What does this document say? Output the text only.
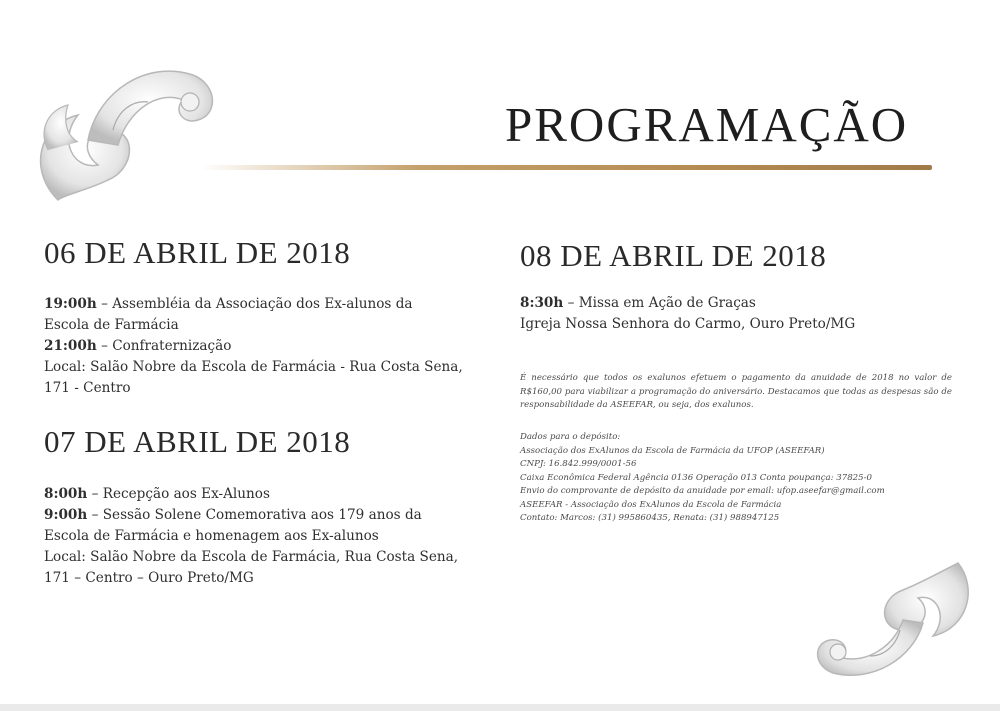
PROGRAMAÇÃO
06 DE ABRIL DE 2018
19:00h – Assembléia da Associação dos Ex-alunos da
Escola de Farmácia
21:00h – Confraternização
Local: Salão Nobre da Escola de Farmácia - Rua Costa Sena,
171 - Centro
07 DE ABRIL DE 2018
8:00h – Recepção aos Ex-Alunos
9:00h – Sessão Solene Comemorativa aos 179 anos da
Escola de Farmácia e homenagem aos Ex-alunos
Local: Salão Nobre da Escola de Farmácia, Rua Costa Sena,
171 – Centro – Ouro Preto/MG
08 DE ABRIL DE 2018
8:30h – Missa em Ação de Graças
Igreja Nossa Senhora do Carmo, Ouro Preto/MG
É necessário que todos os exalunos efetuem o pagamento da anuidade de 2018 no valor de R$160,00 para viabilizar a programação do aniversário. Destacamos que todas as despesas são de responsabilidade da ASEEFAR, ou seja, dos exalunos.
Dados para o depósito:
Associação dos ExAlunos da Escola de Farmácia da UFOP (ASEEFAR)
CNPJ: 16.842.999/0001-56
Caixa Econômica Federal Agência 0136 Operação 013 Conta poupança: 37825-0
Envio do comprovante de depósito da anuidade por email: ufop.aseefar@gmail.com
ASEEFAR - Associação dos ExAlunos da Escola de Farmácia
Contato: Marcos: (31) 995860435, Renata: (31) 988947125
